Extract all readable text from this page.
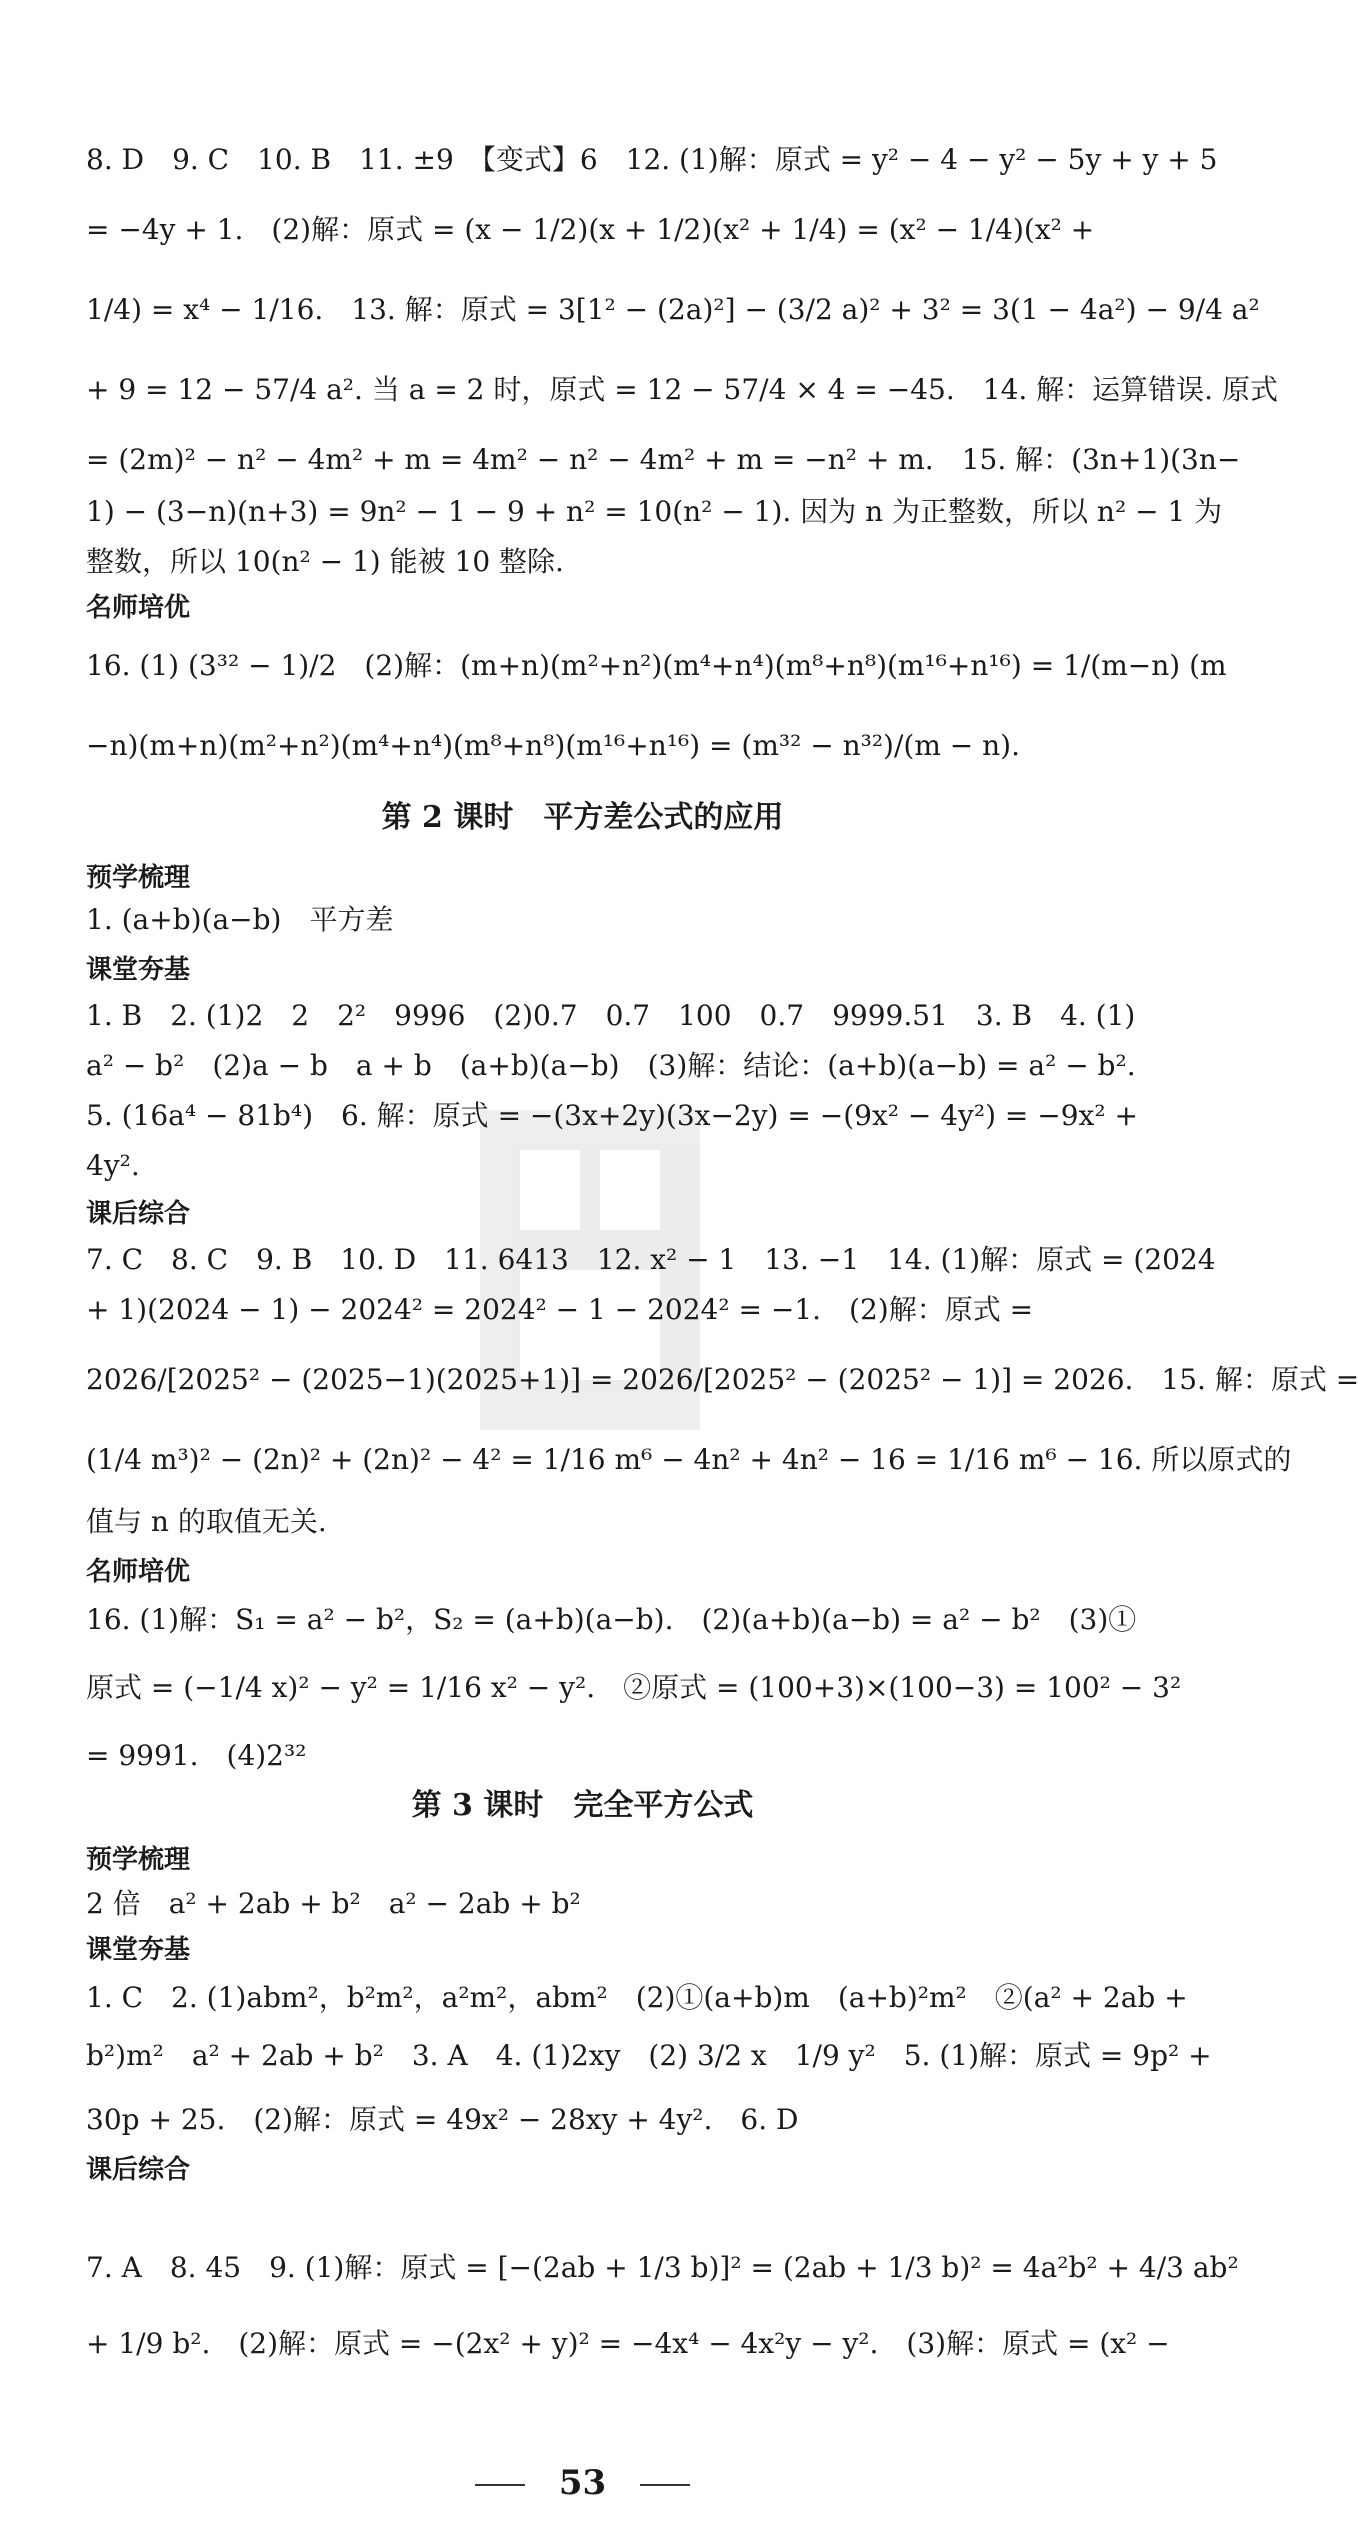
8. D　9. C　10. B　11. ±9　【变式】6　12. (1)解：原式 = y² − 4 − y² − 5y + y + 5
= −4y + 1.　(2)解：原式 = (x − 1/2)(x + 1/2)(x² + 1/4) = (x² − 1/4)(x² +
1/4) = x⁴ − 1/16.　13. 解：原式 = 3[1² − (2a)²] − (3/2 a)² + 3² = 3(1 − 4a²) − 9/4 a²
+ 9 = 12 − 57/4 a². 当 a = 2 时，原式 = 12 − 57/4 × 4 = −45.　14. 解：运算错误. 原式
= (2m)² − n² − 4m² + m = 4m² − n² − 4m² + m = −n² + m.　15. 解：(3n+1)(3n−
1) − (3−n)(n+3) = 9n² − 1 − 9 + n² = 10(n² − 1). 因为 n 为正整数，所以 n² − 1 为
整数，所以 10(n² − 1) 能被 10 整除.
名师培优
16. (1) (3³² − 1)/2　(2)解：(m+n)(m²+n²)(m⁴+n⁴)(m⁸+n⁸)(m¹⁶+n¹⁶) = 1/(m−n) (m
−n)(m+n)(m²+n²)(m⁴+n⁴)(m⁸+n⁸)(m¹⁶+n¹⁶) = (m³² − n³²)/(m − n).
第 2 课时　平方差公式的应用
预学梳理
1. (a+b)(a−b)　平方差
课堂夯基
1. B　2. (1)2　2　2²　9996　(2)0.7　0.7　100　0.7　9999.51　3. B　4. (1)
a² − b²　(2)a − b　a + b　(a+b)(a−b)　(3)解：结论：(a+b)(a−b) = a² − b².
5. (16a⁴ − 81b⁴)　6. 解：原式 = −(3x+2y)(3x−2y) = −(9x² − 4y²) = −9x² +
4y².
课后综合
7. C　8. C　9. B　10. D　11. 6413　12. x² − 1　13. −1　14. (1)解：原式 = (2024
+ 1)(2024 − 1) − 2024² = 2024² − 1 − 2024² = −1.　(2)解：原式 =
2026/[2025² − (2025−1)(2025+1)] = 2026/[2025² − (2025² − 1)] = 2026.　15. 解：原式 =
(1/4 m³)² − (2n)² + (2n)² − 4² = 1/16 m⁶ − 4n² + 4n² − 16 = 1/16 m⁶ − 16. 所以原式的
值与 n 的取值无关.
名师培优
16. (1)解：S₁ = a² − b²，S₂ = (a+b)(a−b).　(2)(a+b)(a−b) = a² − b²　(3)①
原式 = (−1/4 x)² − y² = 1/16 x² − y².　②原式 = (100+3)×(100−3) = 100² − 3²
= 9991.　(4)2³²
第 3 课时　完全平方公式
预学梳理
2 倍　a² + 2ab + b²　a² − 2ab + b²
课堂夯基
1. C　2. (1)abm²，b²m²，a²m²，abm²　(2)①(a+b)m　(a+b)²m²　②(a² + 2ab +
b²)m²　a² + 2ab + b²　3. A　4. (1)2xy　(2) 3/2 x　1/9 y²　5. (1)解：原式 = 9p² +
30p + 25.　(2)解：原式 = 49x² − 28xy + 4y².　6. D
课后综合
7. A　8. 45　9. (1)解：原式 = [−(2ab + 1/3 b)]² = (2ab + 1/3 b)² = 4a²b² + 4/3 ab²
+ 1/9 b².　(2)解：原式 = −(2x² + y)² = −4x⁴ − 4x²y − y².　(3)解：原式 = (x² −
53
